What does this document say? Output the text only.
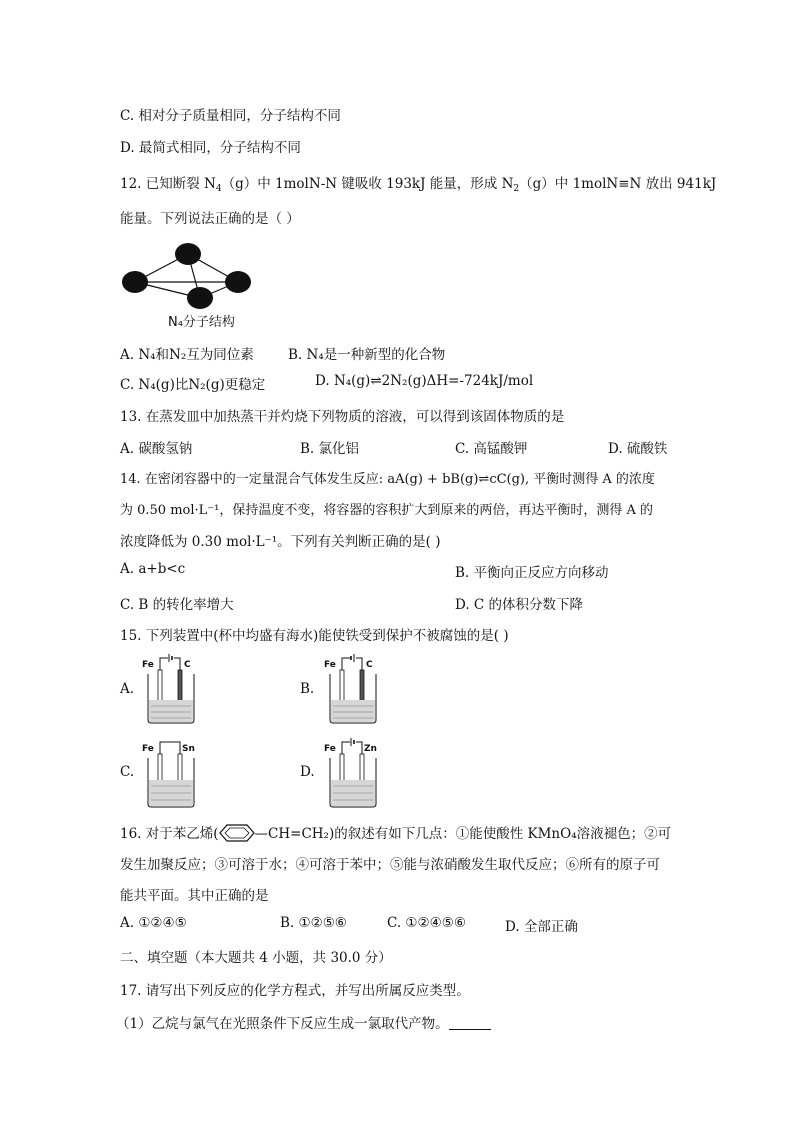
C. 相对分子质量相同，分子结构不同
D. 最简式相同，分子结构不同
12. 已知断裂 $N_4(g)$中 1molN-N 键吸收 193kJ 能量，形成 $N_2(g)$中 1molN≡N 放出 941kJ
能量。下列说法正确的是（ ）
N₄分子结构
A. N₄和N₂互为同位素	B. N₄是一种新型的化合物
C. N₄(g)比N₂(g)更稳定	D. N₄(g)⇌2N₂(g)ΔH=-724kJ/mol
13. 在蒸发皿中加热蒸干并灼烧下列物质的溶液，可以得到该固体物质的是
A. 碳酸氢钠	B. 氯化铝	C. 高锰酸钾	D. 硫酸铁
14. 在密闭容器中的一定量混合气体发生反应: aA(g) + bB(g)⇌cC(g), 平衡时测得 A 的浓度
为 0.50 mol·L⁻¹，保持温度不变，将容器的容积扩大到原来的两倍，再达平衡时，测得 A 的
浓度降低为 0.30 mol·L⁻¹。下列有关判断正确的是( )
A. a+b<c	B. 平衡向正反应方向移动
C. B 的转化率增大	D. C 的体积分数下降
15. 下列装置中(杯中均盛有海水)能使铁受到保护不被腐蚀的是( )
A.	B.
C.	D.
Fe	C	Fe	C
Fe	Sn	Fe	Zn
16. 对于苯乙烯(	—CH=CH₂)的叙述有如下几点：①能使酸性 KMnO₄溶液褪色；②可
发生加聚反应；③可溶于水；④可溶于苯中；⑤能与浓硝酸发生取代反应；⑥所有的原子可
能共平面。其中正确的是
A. ①②④⑤	B. ①②⑤⑥	C. ①②④⑤⑥	D. 全部正确
二、填空题（本大题共 4 小题，共 30.0 分）
17. 请写出下列反应的化学方程式，并写出所属反应类型。
（1）乙烷与氯气在光照条件下反应生成一氯取代产物。
